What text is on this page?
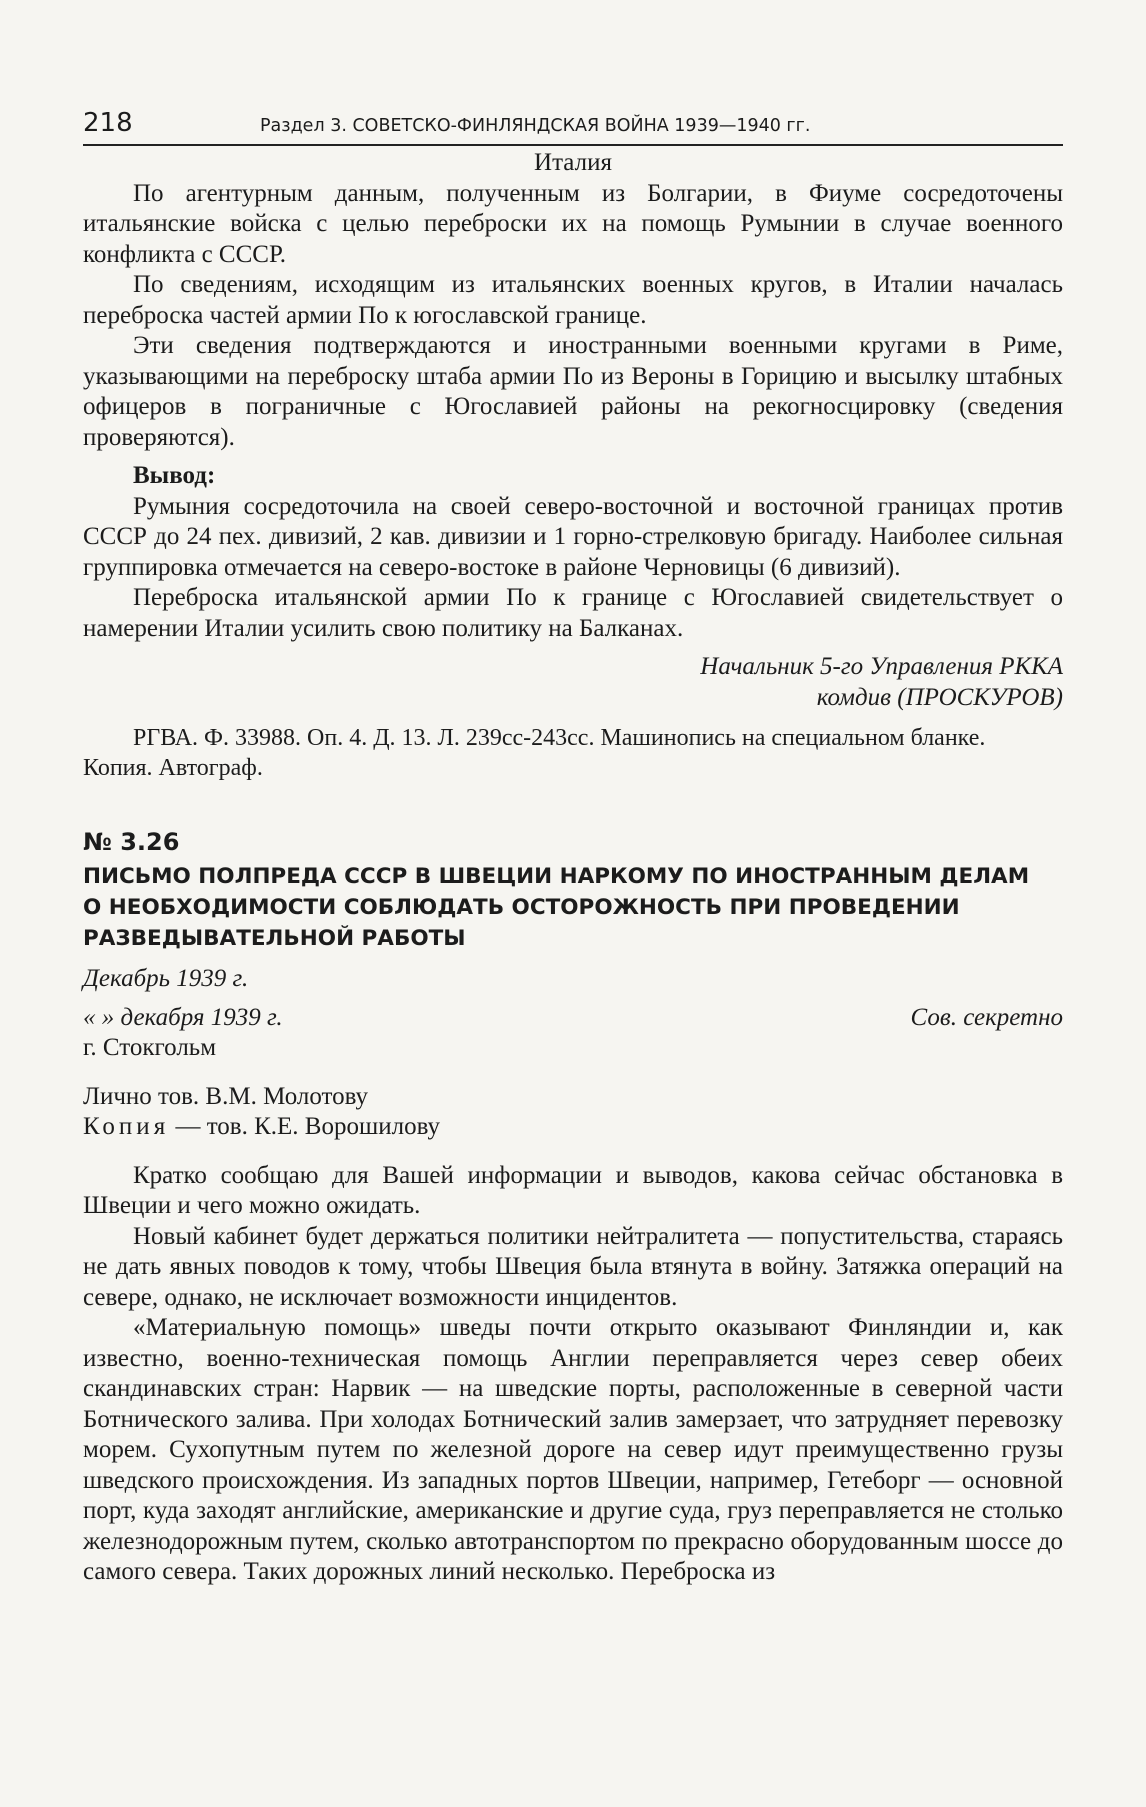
218	Раздел 3. СОВЕТСКО-ФИНЛЯНДСКАЯ ВОЙНА 1939—1940 гг.

Италия

По агентурным данным, полученным из Болгарии, в Фиуме сосредоточены итальянские войска с целью переброски их на помощь Румынии в случае военного конфликта с СССР.

По сведениям, исходящим из итальянских военных кругов, в Италии началась переброска частей армии По к югославской границе.

Эти сведения подтверждаются и иностранными военными кругами в Риме, указывающими на переброску штаба армии По из Вероны в Горицию и высылку штабных офицеров в пограничные с Югославией районы на рекогносцировку (сведения проверяются).

Вывод:

Румыния сосредоточила на своей северо-восточной и восточной границах против СССР до 24 пех. дивизий, 2 кав. дивизии и 1 горно-стрелковую бригаду. Наиболее сильная группировка отмечается на северо-востоке в районе Черновицы (6 дивизий).

Переброска итальянской армии По к границе с Югославией свидетельствует о намерении Италии усилить свою политику на Балканах.

Начальник 5-го Управления РККА

комдив (ПРОСКУРОВ)

РГВА. Ф. 33988. Оп. 4. Д. 13. Л. 239сс-243сс. Машинопись на специальном бланке.

Копия. Автограф.

№ 3.26

ПИСЬМО ПОЛПРЕДА СССР В ШВЕЦИИ НАРКОМУ ПО ИНОСТРАННЫМ ДЕЛАМ
О НЕОБХОДИМОСТИ СОБЛЮДАТЬ ОСТОРОЖНОСТЬ ПРИ ПРОВЕДЕНИИ
РАЗВЕДЫВАТЕЛЬНОЙ РАБОТЫ

Декабрь 1939 г.

« » декабря 1939 г.	Сов. секретно

г. Стокгольм

Лично тов. В.М. Молотову

Копия — тов. К.Е. Ворошилову

Кратко сообщаю для Вашей информации и выводов, какова сейчас обстановка в Швеции и чего можно ожидать.

Новый кабинет будет держаться политики нейтралитета — попустительства, стараясь не дать явных поводов к тому, чтобы Швеция была втянута в войну. Затяжка операций на севере, однако, не исключает возможности инцидентов.

«Материальную помощь» шведы почти открыто оказывают Финляндии и, как известно, военно-техническая помощь Англии переправляется через север обеих скандинавских стран: Нарвик — на шведские порты, расположенные в северной части Ботнического залива. При холодах Ботнический залив замерзает, что затрудняет перевозку морем. Сухопутным путем по железной дороге на север идут преимущественно грузы шведского происхождения. Из западных портов Швеции, например, Гетеборг — основной порт, куда заходят английские, американские и другие суда, груз переправляется не столько железнодорожным путем, сколько автотранспортом по прекрасно оборудованным шоссе до самого севера. Таких дорожных линий несколько. Переброска из
